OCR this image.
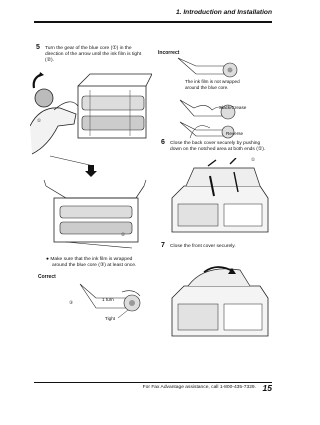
1. Introduction and Installation
5 Turn the gear of the blue core (①) in the
direction of the arrow until the ink film is tight
(②).
①
②
● Make sure that the ink film is wrapped
around the blue core (③) at least once.
Correct
③
1 turn
Tight
Incorrect
The ink film is not wrapped
around the blue core.
Slack/Crease
Reverse
6 Close the back cover securely by pushing
down on the notched area at both ends (①).
①
7 Close the front cover securely.
For Fax Advantage assistance, call 1-800-435-7329. 15
